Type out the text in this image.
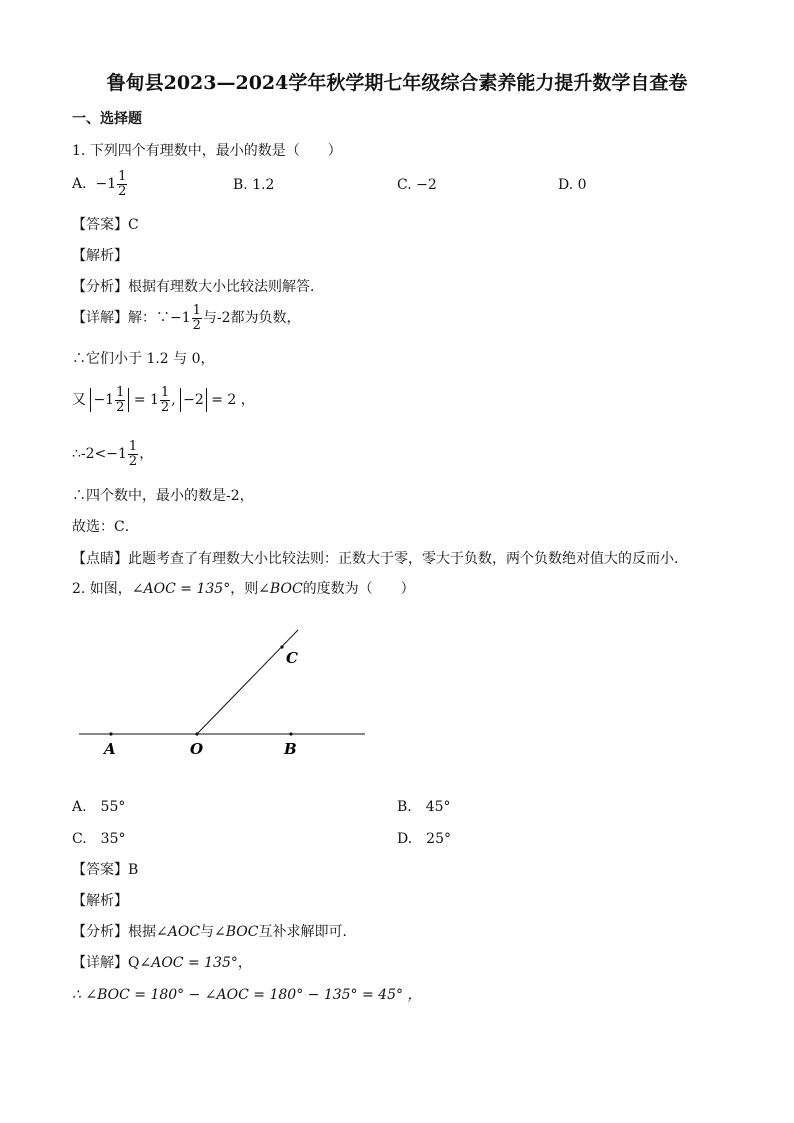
鲁甸县2023—2024学年秋学期七年级综合素养能力提升数学自查卷
一、选择题
1. 下列四个有理数中，最小的数是（　　）
A. $-1 \frac{1}{2}$	B. 1.2	C. −2	D. 0
【答案】C
【解析】
【分析】根据有理数大小比较法则解答．
【详解】解：∵−1 $\frac{1}{2}$ 与-2都为负数，
∴它们小于 1.2 与 0，
又 $-1 \frac{1}{2} = 1 \frac{1}{2}$ , −2 = 2 ，
∴-2<−1 $\frac{1}{2}$ ，
∴四个数中，最小的数是-2，
故选：C．
【点睛】此题考查了有理数大小比较法则：正数大于零，零大于负数，两个负数绝对值大的反而小．
2. 如图，∠AOC = 135°，则∠BOC的度数为（　　）
A	O	B
C
A.　55°	B.　45°
C.　35°	D.　25°
【答案】B
【解析】
【分析】根据∠AOC与∠BOC互补求解即可．
【详解】Q∠AOC = 135°，
∴ ∠BOC = 180° − ∠AOC = 180° − 135° = 45° ，
